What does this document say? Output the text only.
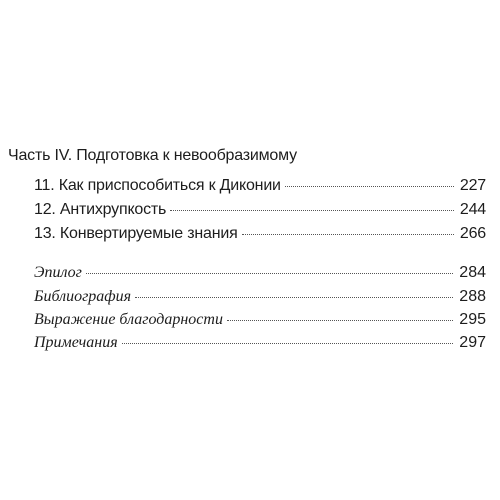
Часть IV. Подготовка к невообразимому
11. Как приспособиться к Диконии	227
12. Антихрупкость	244
13. Конвертируемые знания	266
Эпилог	284
Библиография	288
Выражение благодарности	295
Примечания	297
